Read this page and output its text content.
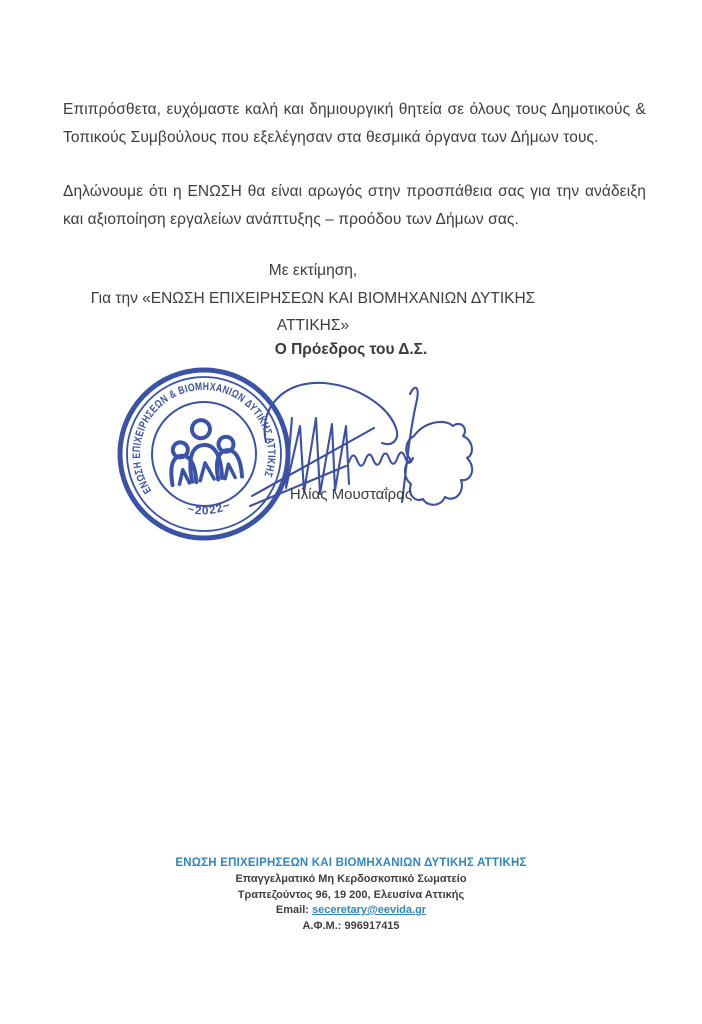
Επιπρόσθετα, ευχόμαστε καλή και δημιουργική θητεία σε όλους τους Δημοτικούς & Τοπικούς Συμβούλους που εξελέγησαν στα θεσμικά όργανα των Δήμων τους.

Δηλώνουμε ότι η ΕΝΩΣΗ θα είναι αρωγός στην προσπάθεια σας για την ανάδειξη και αξιοποίηση εργαλείων ανάπτυξης – προόδου των Δήμων σας.

Με εκτίμηση,
Για την «ΕΝΩΣΗ ΕΠΙΧΕΙΡΗΣΕΩΝ ΚΑΙ ΒΙΟΜΗΧΑΝΙΩΝ ΔΥΤΙΚΗΣ ΑΤΤΙΚΗΣ»
Ο Πρόεδρος του Δ.Σ.
ΕΝΩΣΗ ΕΠΙΧΕΙΡΗΣΕΩΝ & ΒΙΟΜΗΧΑΝΙΩΝ ΔΥΤΙΚΗΣ ΑΤΤΙΚΗΣ
~2022~
Ηλίας Μουσταΐρας
ΕΝΩΣΗ ΕΠΙΧΕΙΡΗΣΕΩΝ ΚΑΙ ΒΙΟΜΗΧΑΝΙΩΝ ΔΥΤΙΚΗΣ ΑΤΤΙΚΗΣ
Επαγγελματικό Μη Κερδοσκοπικό Σωματείο
Τραπεζούντος 96, 19 200, Ελευσίνα Αττικής
Email: seceretary@eevida.gr
Α.Φ.Μ.: 996917415
